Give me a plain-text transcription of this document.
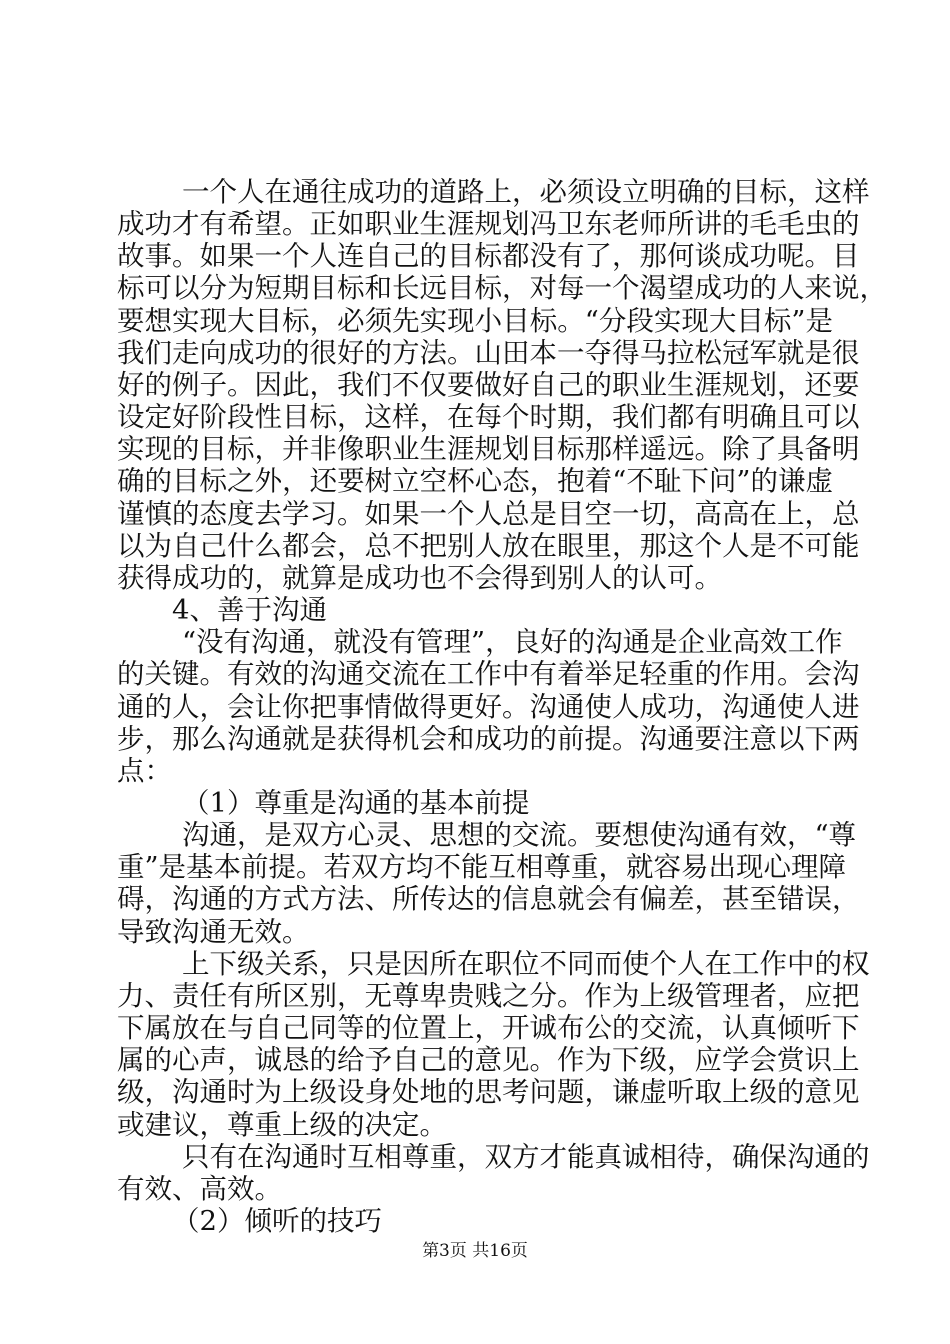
一个人在通往成功的道路上，必须设立明确的目标，这样
成功才有希望。正如职业生涯规划冯卫东老师所讲的毛毛虫的
故事。如果一个人连自己的目标都没有了，那何谈成功呢。目
标可以分为短期目标和长远目标，对每一个渴望成功的人来说，
要想实现大目标，必须先实现小目标。“分段实现大目标”是
我们走向成功的很好的方法。山田本一夺得马拉松冠军就是很
好的例子。因此，我们不仅要做好自己的职业生涯规划，还要
设定好阶段性目标，这样，在每个时期，我们都有明确且可以
实现的目标，并非像职业生涯规划目标那样遥远。除了具备明
确的目标之外，还要树立空杯心态，抱着“不耻下问”的谦虚
谨慎的态度去学习。如果一个人总是目空一切，高高在上，总
以为自己什么都会，总不把别人放在眼里，那这个人是不可能
获得成功的，就算是成功也不会得到别人的认可。
4、善于沟通
“没有沟通，就没有管理”，良好的沟通是企业高效工作
的关键。有效的沟通交流在工作中有着举足轻重的作用。会沟
通的人，会让你把事情做得更好。沟通使人成功，沟通使人进
步，那么沟通就是获得机会和成功的前提。沟通要注意以下两
点：
（1）尊重是沟通的基本前提
沟通，是双方心灵、思想的交流。要想使沟通有效，“尊
重”是基本前提。若双方均不能互相尊重，就容易出现心理障
碍，沟通的方式方法、所传达的信息就会有偏差，甚至错误，
导致沟通无效。
上下级关系，只是因所在职位不同而使个人在工作中的权
力、责任有所区别，无尊卑贵贱之分。作为上级管理者，应把
下属放在与自己同等的位置上，开诚布公的交流，认真倾听下
属的心声，诚恳的给予自己的意见。作为下级，应学会赏识上
级，沟通时为上级设身处地的思考问题，谦虚听取上级的意见
或建议，尊重上级的决定。
只有在沟通时互相尊重，双方才能真诚相待，确保沟通的
有效、高效。
（2）倾听的技巧
第3页 共16页
